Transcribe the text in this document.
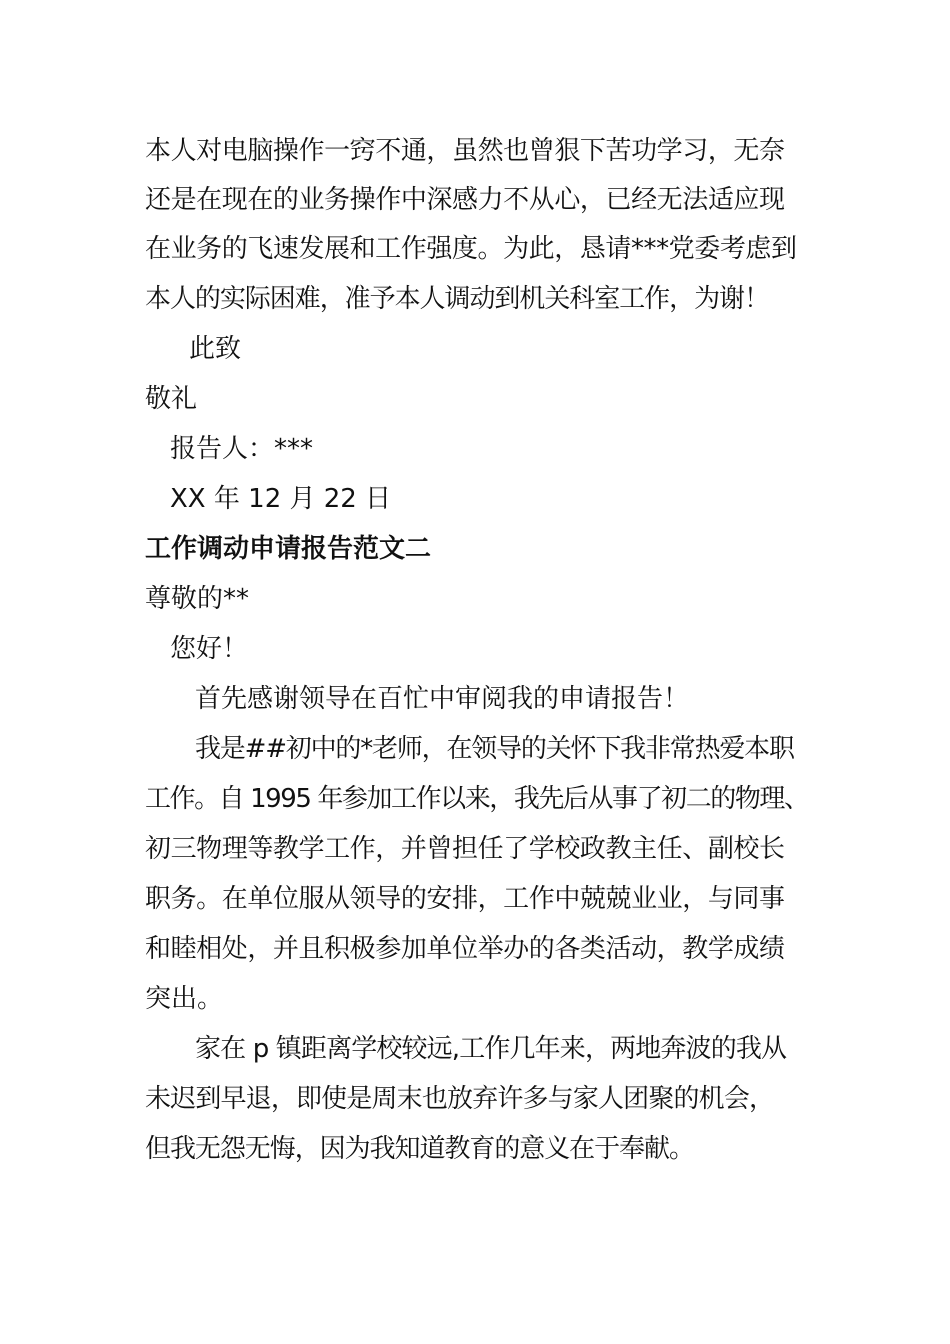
本人对电脑操作一窍不通，虽然也曾狠下苦功学习，无奈
还是在现在的业务操作中深感力不从心，已经无法适应现
在业务的飞速发展和工作强度。为此，恳请***党委考虑到
本人的实际困难，准予本人调动到机关科室工作，为谢！
此致
敬礼
报告人：***
XX 年 12 月 22 日
工作调动申请报告范文二
尊敬的**
您好！
首先感谢领导在百忙中审阅我的申请报告！
我是##初中的*老师，在领导的关怀下我非常热爱本职
工作。自 1995 年参加工作以来，我先后从事了初二的物理、
初三物理等教学工作，并曾担任了学校政教主任、副校长
职务。在单位服从领导的安排，工作中兢兢业业，与同事
和睦相处，并且积极参加单位举办的各类活动，教学成绩
突出。
家在 p 镇距离学校较远,工作几年来，两地奔波的我从
未迟到早退，即使是周末也放弃许多与家人团聚的机会，
但我无怨无悔，因为我知道教育的意义在于奉献。
